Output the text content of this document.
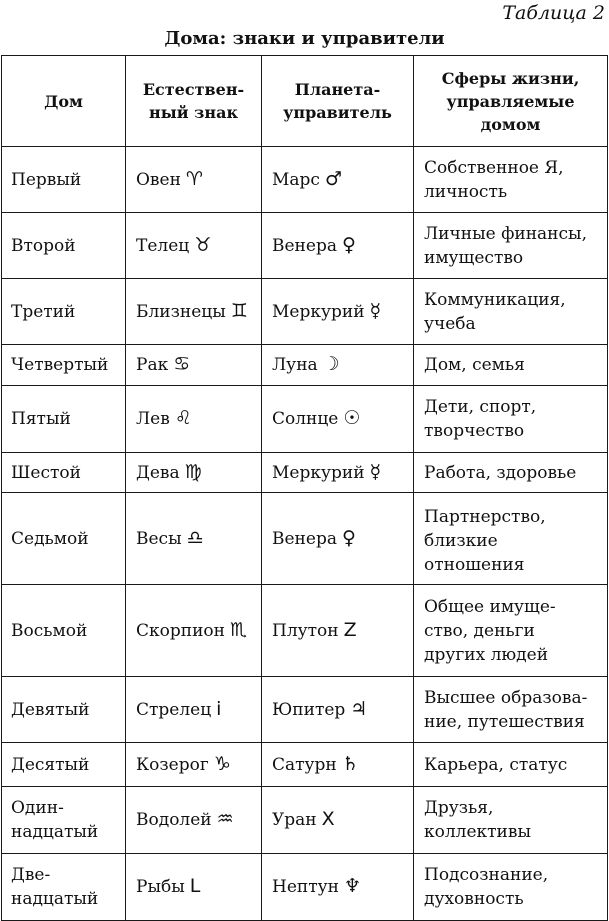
Таблица 2
Дома: знаки и управители
Дом	Естествен-ный знак	Планета-управитель	Сферы жизни, управляемые домом
Первый	Овен ♈︎	Марс ♂	Собственное Я, личность
Второй	Телец ♉︎	Венера ♀	Личные финансы, имущество
Третий	Близнецы ♊︎	Меркурий ☿	Коммуникация, учеба
Четвертый	Рак ♋︎	Луна ☽	Дом, семья
Пятый	Лев ♌︎	Солнце ☉	Дети, спорт, творчество
Шестой	Дева ♍︎	Меркурий ☿	Работа, здоровье
Седьмой	Весы ♎︎	Венера ♀	Партнерство, близкие отношения

Восьмой	Скорпион ♏︎	Плутон Z	Общее имуще-ство, деньги других людей
Девятый	Стрелец i	Юпитер ♃	Высшее образова-ние, путешествия
Десятый	Козерог ♑︎	Сатурн ♄	Карьера, статус
Один-надцатый	Водолей ♒︎	Уран X	Друзья, коллективы
Две-надцатый	Рыбы L	Нептун ♆	Подсознание, духовность
